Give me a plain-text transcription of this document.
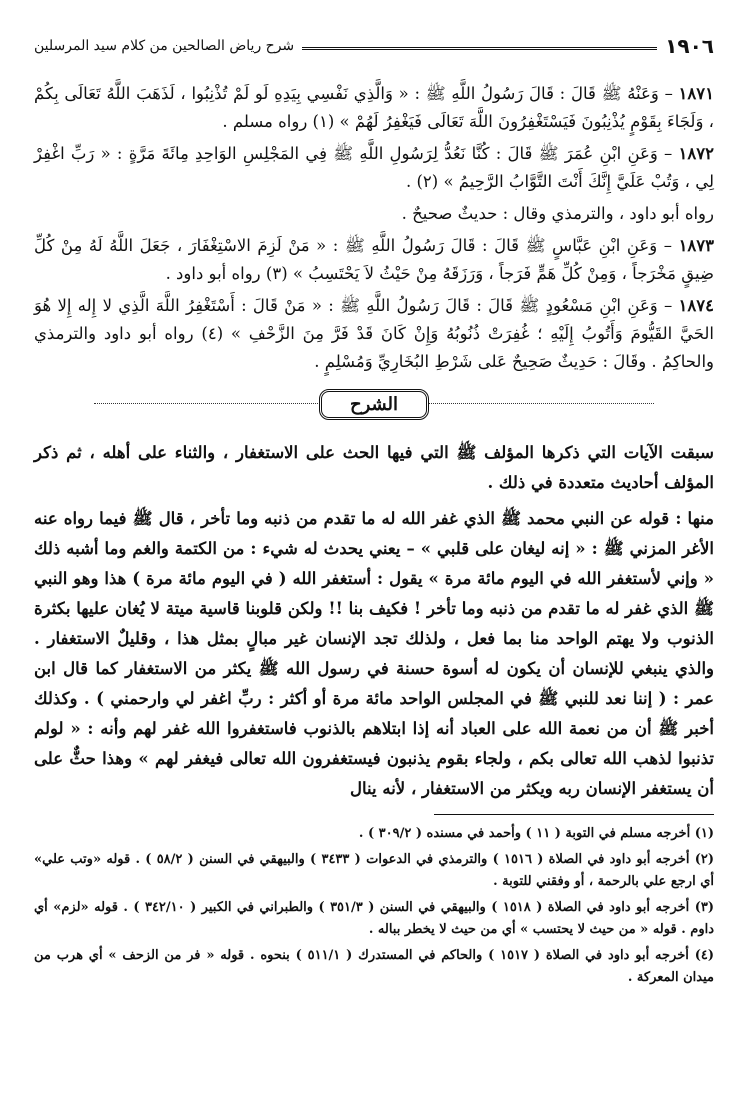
١٩٠٦
شرح رياض الصالحين من كلام سيد المرسلين

١٨٧١ – وَعَنْهُ ﷺ قَالَ : قَالَ رَسُولُ اللَّهِ ﷺ : « وَالَّذِي نَفْسِي بِيَدِهِ لَو لَمْ تُذْنِبُوا ، لَذَهَبَ اللَّهُ تَعَالَى بِكُمْ ، وَلَجَاءَ بِقَوْمٍ يُذْنِبُونَ فَيَسْتَغْفِرُونَ اللَّهَ تَعَالَى فَيَغْفِرُ لَهُمْ » (١) رواه مسلم .

١٨٧٢ – وَعَنِ ابْنِ عُمَرَ ﷺ قَالَ : كُنَّا نَعُدُّ لِرَسُولِ اللَّهِ ﷺ فِي المَجْلِسِ الوَاحِدِ مِائَةَ مَرَّةٍ : « رَبِّ اغْفِرْ لِي ، وَتُبْ عَلَيَّ إِنَّكَ أَنْتَ التَّوَّابُ الرَّحِيمُ » (٢) .

رواه أبو داود ، والترمذي وقال : حديثٌ صحيحٌ .

١٨٧٣ – وَعَنِ ابْنِ عَبَّاسٍ ﷺ قَالَ : قَالَ رَسُولُ اللَّهِ ﷺ : « مَنْ لَزِمَ الاسْتِغْفَارَ ، جَعَلَ اللَّهُ لَهُ مِنْ كُلِّ ضِيقٍ مَخْرَجاً ، وَمِنْ كُلِّ هَمٍّ فَرَجاً ، وَرَزَقَهُ مِنْ حَيْثُ لاَ يَحْتَسِبُ » (٣) رواه أبو داود .

١٨٧٤ – وَعَنِ ابْنِ مَسْعُودٍ ﷺ قَالَ : قَالَ رَسُولُ اللَّهِ ﷺ : « مَنْ قَالَ : أَسْتَغْفِرُ اللَّهَ الَّذِي لا إِله إِلا هُوَ الحَيَّ القَيُّومَ وَأَتُوبُ إِلَيْهِ ؛ غُفِرَتْ ذُنُوبُهُ وَإِنْ كَانَ قَدْ فَرَّ مِنَ الزَّحْفِ » (٤) رواه أبو داود والترمذي والحاكِمُ . وقَالَ : حَدِيثٌ صَحِيحٌ عَلى شَرْطِ البُخَارِيِّ وَمُسْلِمٍ .

الشرح

سبقت الآيات التي ذكرها المؤلف ﷺ التي فيها الحث على الاستغفار ، والثناء على أهله ، ثم ذكر المؤلف أحاديث متعددة في ذلك .

منها : قوله عن النبي محمد ﷺ الذي غفر الله له ما تقدم من ذنبه وما تأخر ، قال ﷺ فيما رواه عنه الأغر المزني ﷺ : « إنه ليغان على قلبي » – يعني يحدث له شيء : من الكتمة والغم وما أشبه ذلك « وإني لأستغفر الله في اليوم مائة مرة » يقول : أستغفر الله ( في اليوم مائة مرة ) هذا وهو النبي ﷺ الذي غفر له ما تقدم من ذنبه وما تأخر ! فكيف بنا !! ولكن قلوبنا قاسية ميتة لا يُغان عليها بكثرة الذنوب ولا يهتم الواحد منا بما فعل ، ولذلك تجد الإنسان غير مبالٍ بمثل هذا ، وقليلٌ الاستغفار . والذي ينبغي للإنسان أن يكون له أسوة حسنة في رسول الله ﷺ يكثر من الاستغفار كما قال ابن عمر : ( إننا نعد للنبي ﷺ في المجلس الواحد مائة مرة أو أكثر : ربِّ اغفر لي وارحمني ) . وكذلك أخبر ﷺ أن من نعمة الله على العباد أنه إذا ابتلاهم بالذنوب فاستغفروا الله غفر لهم وأنه : « لولم تذنبوا لذهب الله تعالى بكم ، ولجاء بقوم يذنبون فيستغفرون الله تعالى فيغفر لهم » وهذا حثٌّ على أن يستغفر الإنسان ربه ويكثر من الاستغفار ، لأنه ينال

(١) أخرجه مسلم في التوبة ( ١١ ) وأحمد في مسنده ( ٣٠٩/٢ ) .

(٢) أخرجه أبو داود في الصلاة ( ١٥١٦ ) والترمذي في الدعوات ( ٣٤٣٣ ) والبيهقي في السنن ( ٥٨/٢ ) . قوله «وتب علي» أي ارجع علي بالرحمة ، أو وفقني للتوبة .

(٣) أخرجه أبو داود في الصلاة ( ١٥١٨ ) والبيهقي في السنن ( ٣٥١/٣ ) والطبراني في الكبير ( ٣٤٢/١٠ ) . قوله «لزم» أي داوم . قوله « من حيث لا يحتسب » أي من حيث لا يخطر بباله .

(٤) أخرجه أبو داود في الصلاة ( ١٥١٧ ) والحاكم في المستدرك ( ٥١١/١ ) بنحوه . قوله « فر من الزحف » أي هرب من ميدان المعركة .
